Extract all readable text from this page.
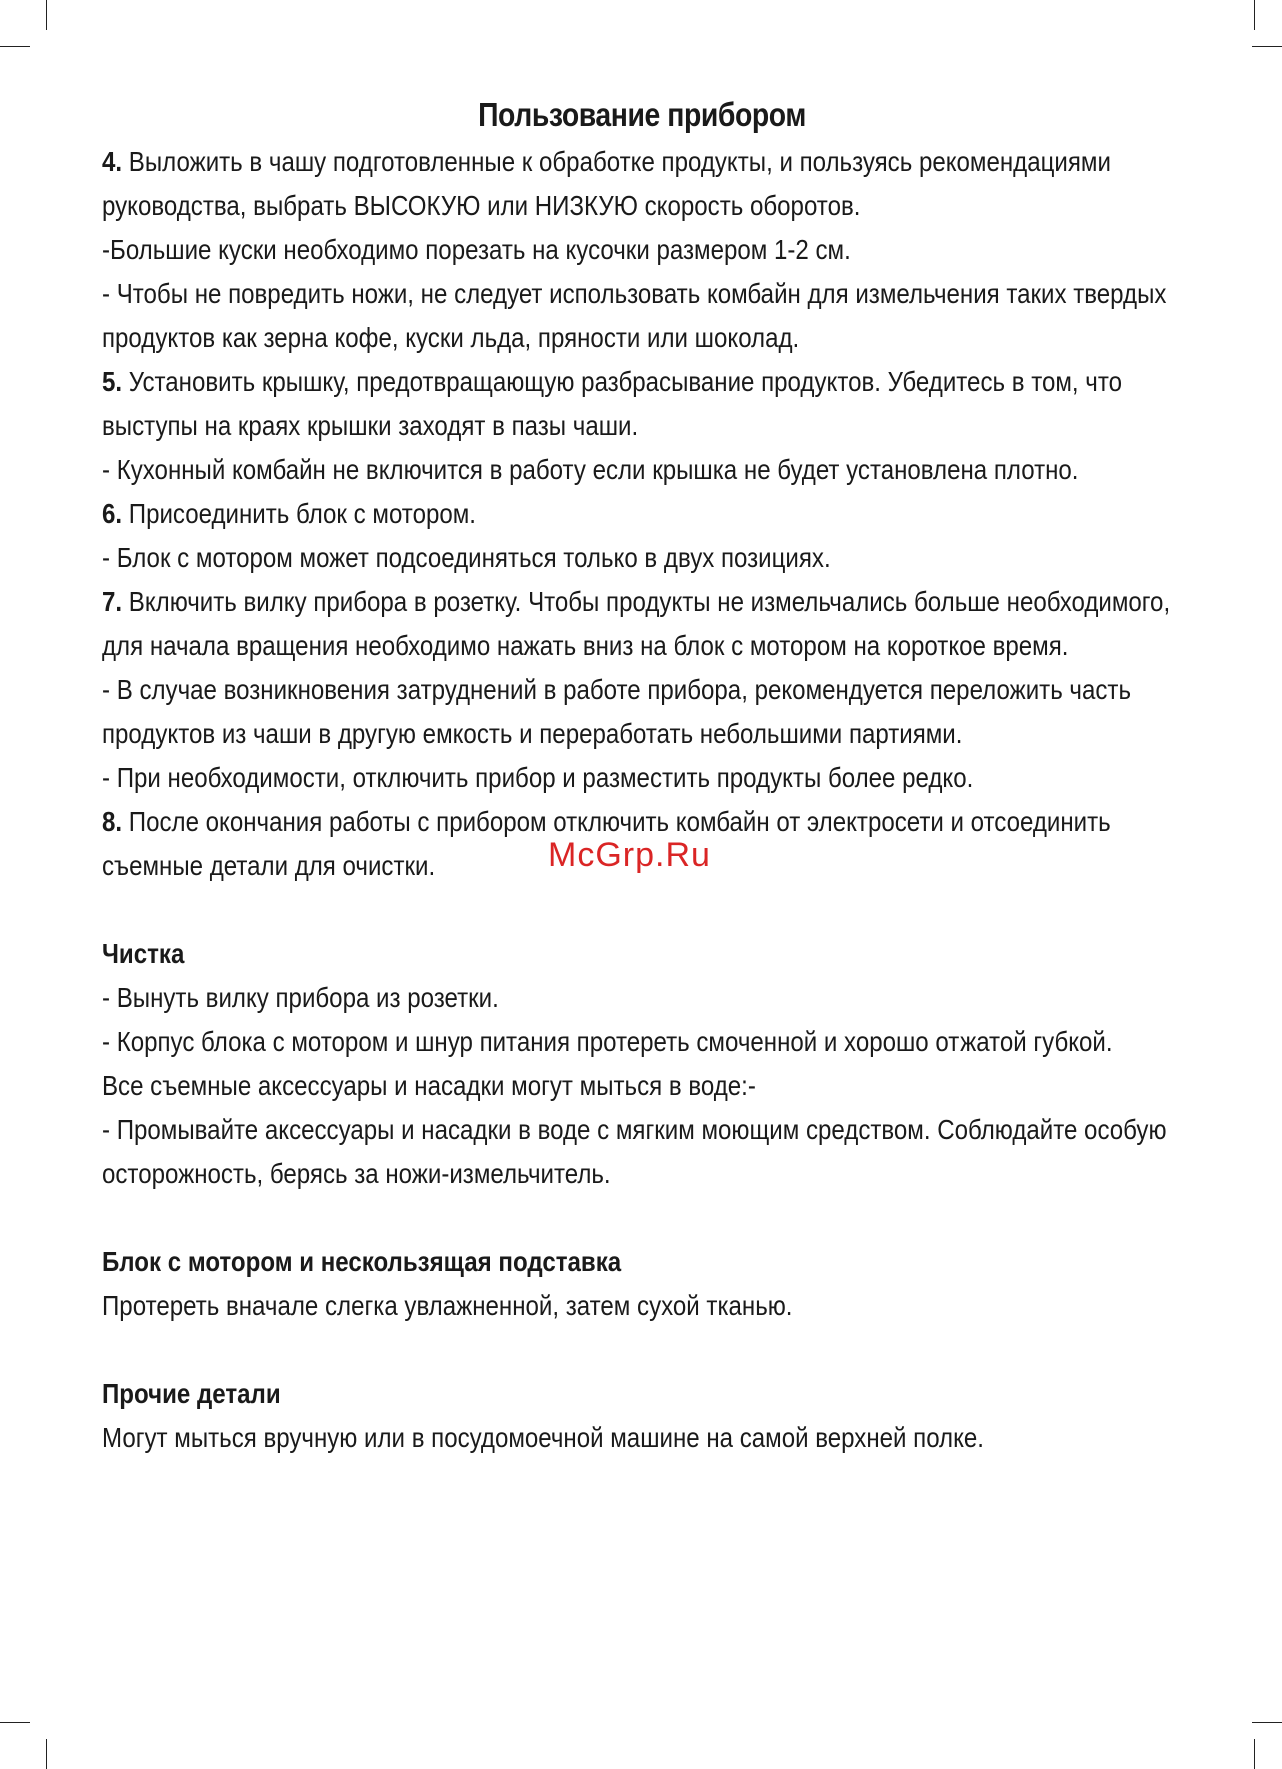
Пользование прибором

4. Выложить в чашу подготовленные к обработке продукты, и пользуясь рекомендациями руководства, выбрать ВЫСОКУЮ или НИЗКУЮ скорость оборотов.

-Большие куски необходимо порезать на кусочки размером 1-2 см.

- Чтобы не повредить ножи, не следует использовать комбайн для измельчения таких твердых продуктов как зерна кофе, куски льда, пряности или шоколад.

5. Установить крышку, предотвращающую разбрасывание продуктов. Убедитесь в том, что выступы на краях крышки заходят в пазы чаши.

- Кухонный комбайн не включится в работу если крышка не будет установлена плотно.

6. Присоединить блок с мотором.

- Блок с мотором может подсоединяться только в двух позициях.

7. Включить вилку прибора в розетку. Чтобы продукты не измельчались больше необходимого, для начала вращения необходимо нажать вниз на блок с мотором на короткое время.

- В случае возникновения затруднений в работе прибора, рекомендуется переложить часть продуктов из чаши в другую емкость и переработать небольшими партиями.

- При необходимости, отключить прибор и разместить продукты более редко.

8. После окончания работы с прибором отключить комбайн от электросети и отсоединить съемные детали для очистки.

Чистка

- Вынуть вилку прибора из розетки.

- Корпус блока с мотором и шнур питания протереть смоченной и хорошо отжатой губкой.

Все съемные аксессуары и насадки могут мыться в воде:-

- Промывайте аксессуары и насадки в воде с мягким моющим средством. Соблюдайте особую осторожность, берясь за ножи-измельчитель.

Блок с мотором и нескользящая подставка

Протереть вначале слегка увлажненной, затем сухой тканью.

Прочие детали

Могут мыться вручную или в посудомоечной машине на самой верхней полке.

McGrp.Ru
